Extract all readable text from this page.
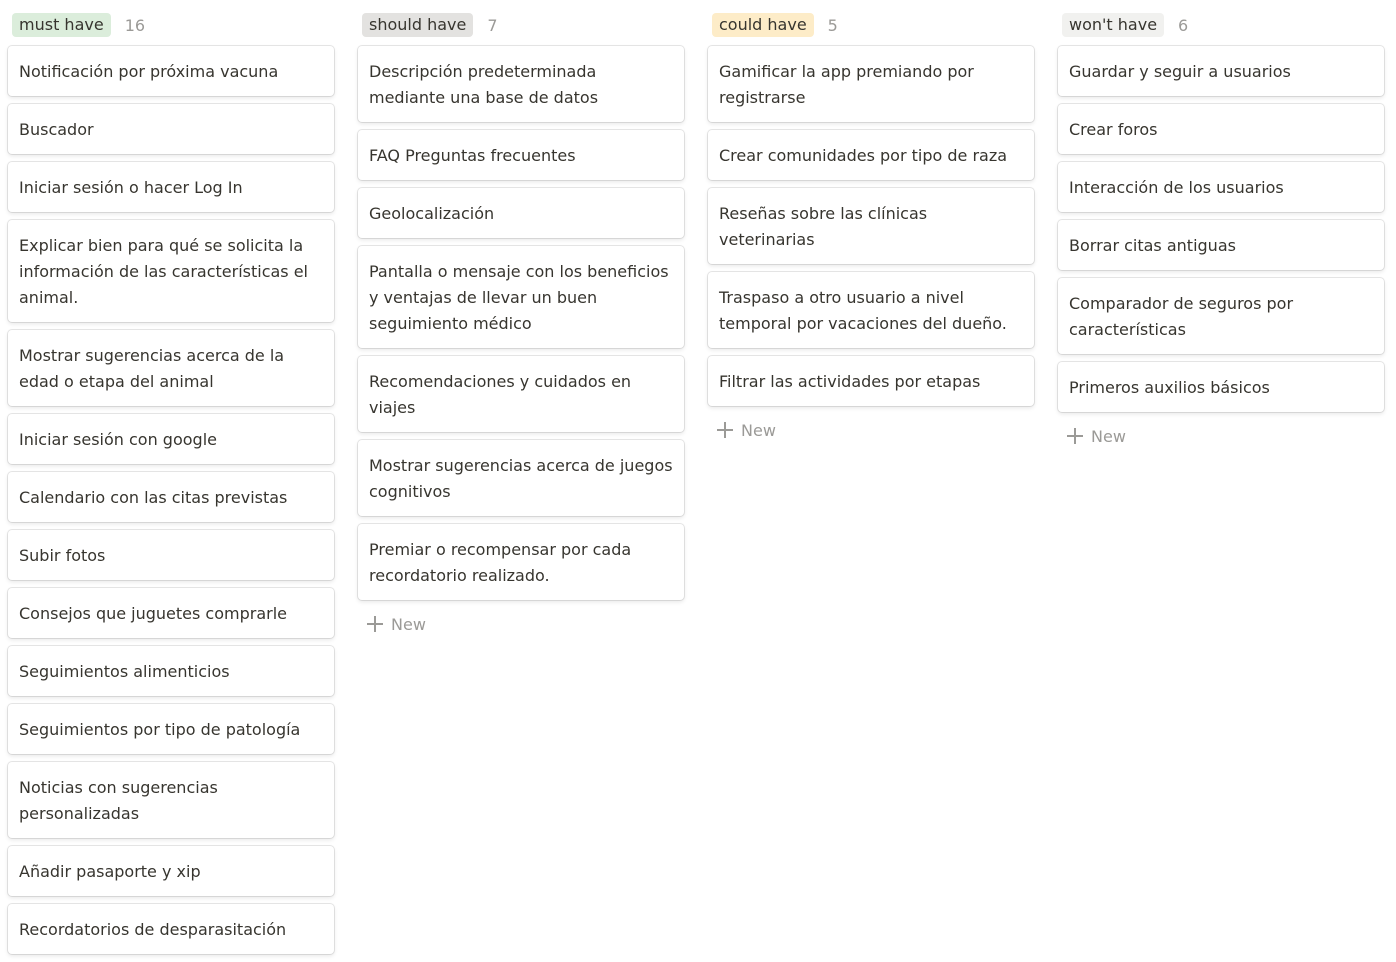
must have	16
Notificación por próxima vacuna
Buscador
Iniciar sesión o hacer Log In
Explicar bien para qué se solicita la información de las características el animal.
Mostrar sugerencias acerca de la edad o etapa del animal
Iniciar sesión con google
Calendario con las citas previstas
Subir fotos
Consejos que juguetes comprarle
Seguimientos alimenticios
Seguimientos por tipo de patología
Noticias con sugerencias personalizadas
Añadir pasaporte y xip
Recordatorios de desparasitación
should have	7
Descripción predeterminada mediante una base de datos
FAQ Preguntas frecuentes
Geolocalización
Pantalla o mensaje con los beneficios y ventajas de llevar un buen seguimiento médico
Recomendaciones y cuidados en viajes
Mostrar sugerencias acerca de juegos cognitivos
Premiar o recompensar por cada recordatorio realizado.
New
could have	5
Gamificar la app premiando por registrarse
Crear comunidades por tipo de raza
Reseñas sobre las clínicas veterinarias
Traspaso a otro usuario a nivel temporal por vacaciones del dueño.
Filtrar las actividades por etapas
New
won't have	6
Guardar y seguir a usuarios
Crear foros
Interacción de los usuarios
Borrar citas antiguas
Comparador de seguros por características
Primeros auxilios básicos
New
